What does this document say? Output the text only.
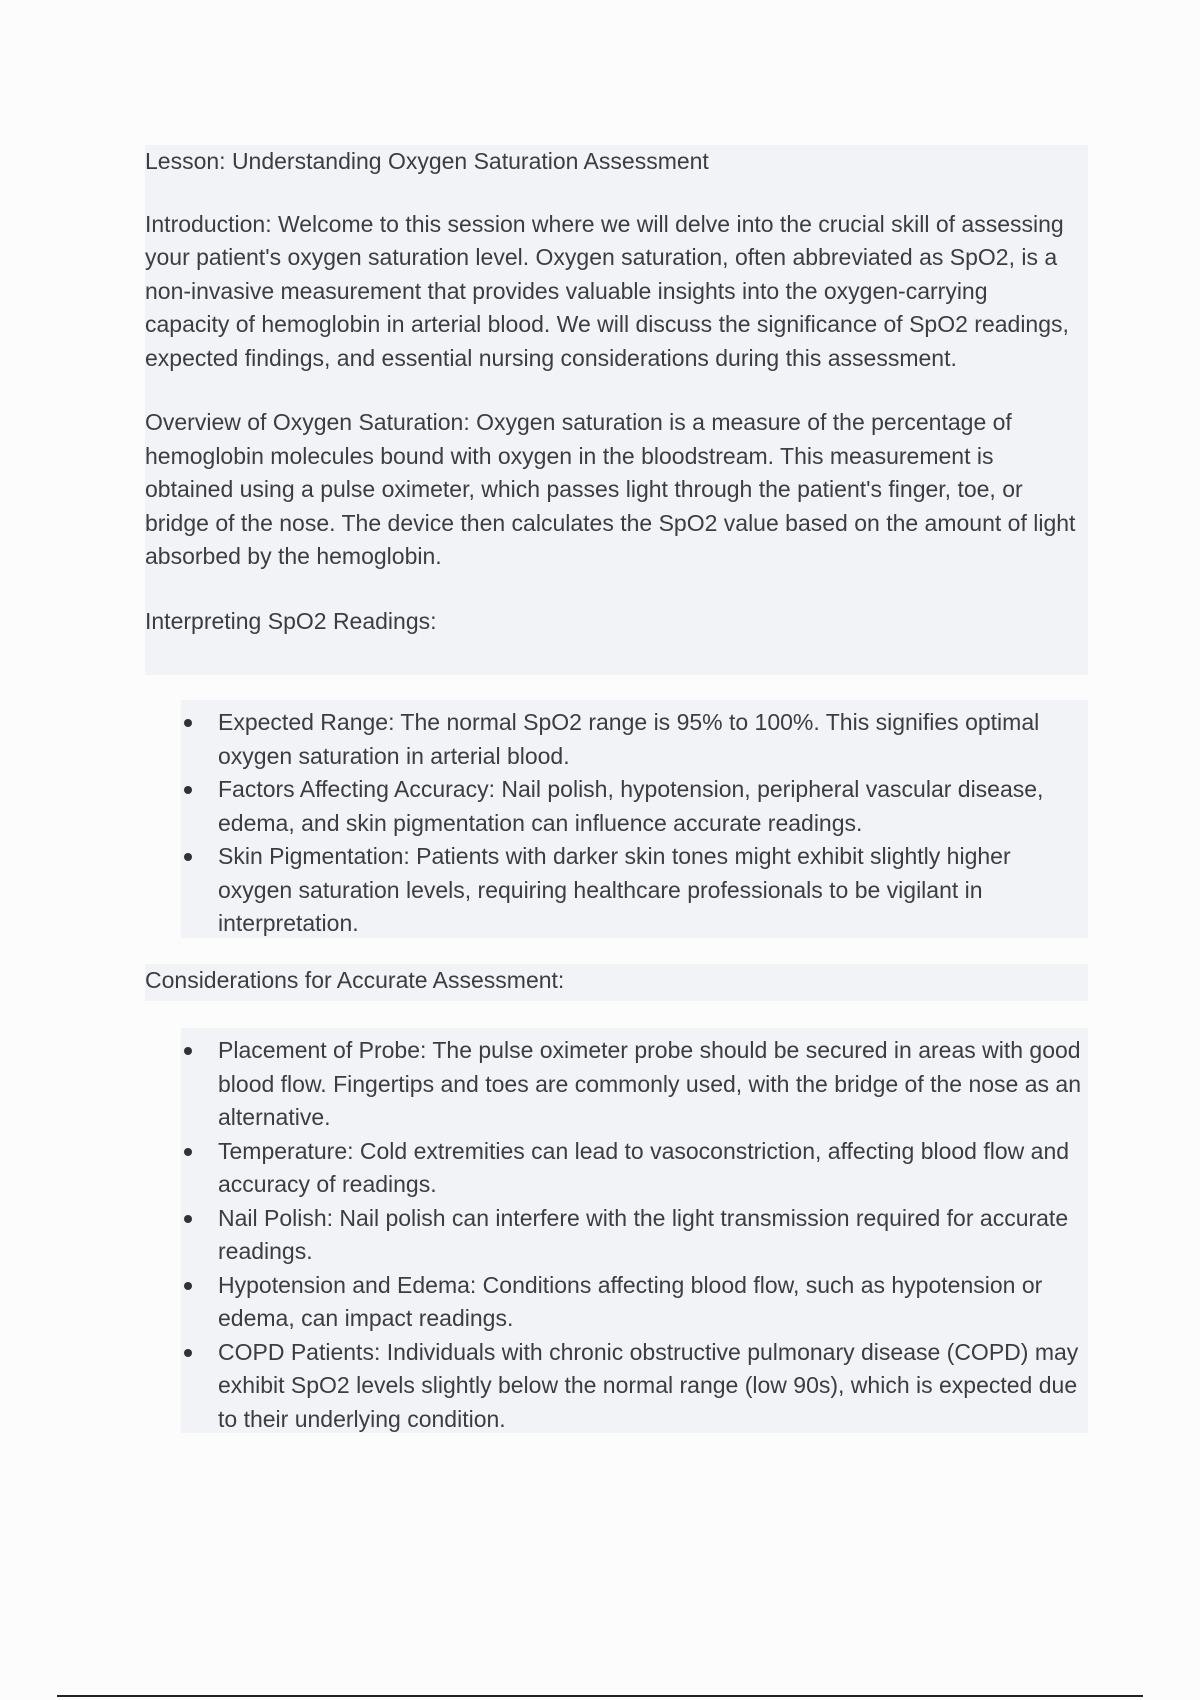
Lesson: Understanding Oxygen Saturation Assessment

Introduction: Welcome to this session where we will delve into the crucial skill of assessing your patient's oxygen saturation level. Oxygen saturation, often abbreviated as SpO2, is a non-invasive measurement that provides valuable insights into the oxygen-carrying capacity of hemoglobin in arterial blood. We will discuss the significance of SpO2 readings, expected findings, and essential nursing considerations during this assessment.

Overview of Oxygen Saturation: Oxygen saturation is a measure of the percentage of hemoglobin molecules bound with oxygen in the bloodstream. This measurement is obtained using a pulse oximeter, which passes light through the patient's finger, toe, or bridge of the nose. The device then calculates the SpO2 value based on the amount of light absorbed by the hemoglobin.

Interpreting SpO2 Readings:

Expected Range: The normal SpO2 range is 95% to 100%. This signifies optimal oxygen saturation in arterial blood.
Factors Affecting Accuracy: Nail polish, hypotension, peripheral vascular disease, edema, and skin pigmentation can influence accurate readings.
Skin Pigmentation: Patients with darker skin tones might exhibit slightly higher oxygen saturation levels, requiring healthcare professionals to be vigilant in interpretation.

Considerations for Accurate Assessment:

Placement of Probe: The pulse oximeter probe should be secured in areas with good blood flow. Fingertips and toes are commonly used, with the bridge of the nose as an alternative.
Temperature: Cold extremities can lead to vasoconstriction, affecting blood flow and accuracy of readings.
Nail Polish: Nail polish can interfere with the light transmission required for accurate readings.
Hypotension and Edema: Conditions affecting blood flow, such as hypotension or edema, can impact readings.
COPD Patients: Individuals with chronic obstructive pulmonary disease (COPD) may exhibit SpO2 levels slightly below the normal range (low 90s), which is expected due to their underlying condition.
